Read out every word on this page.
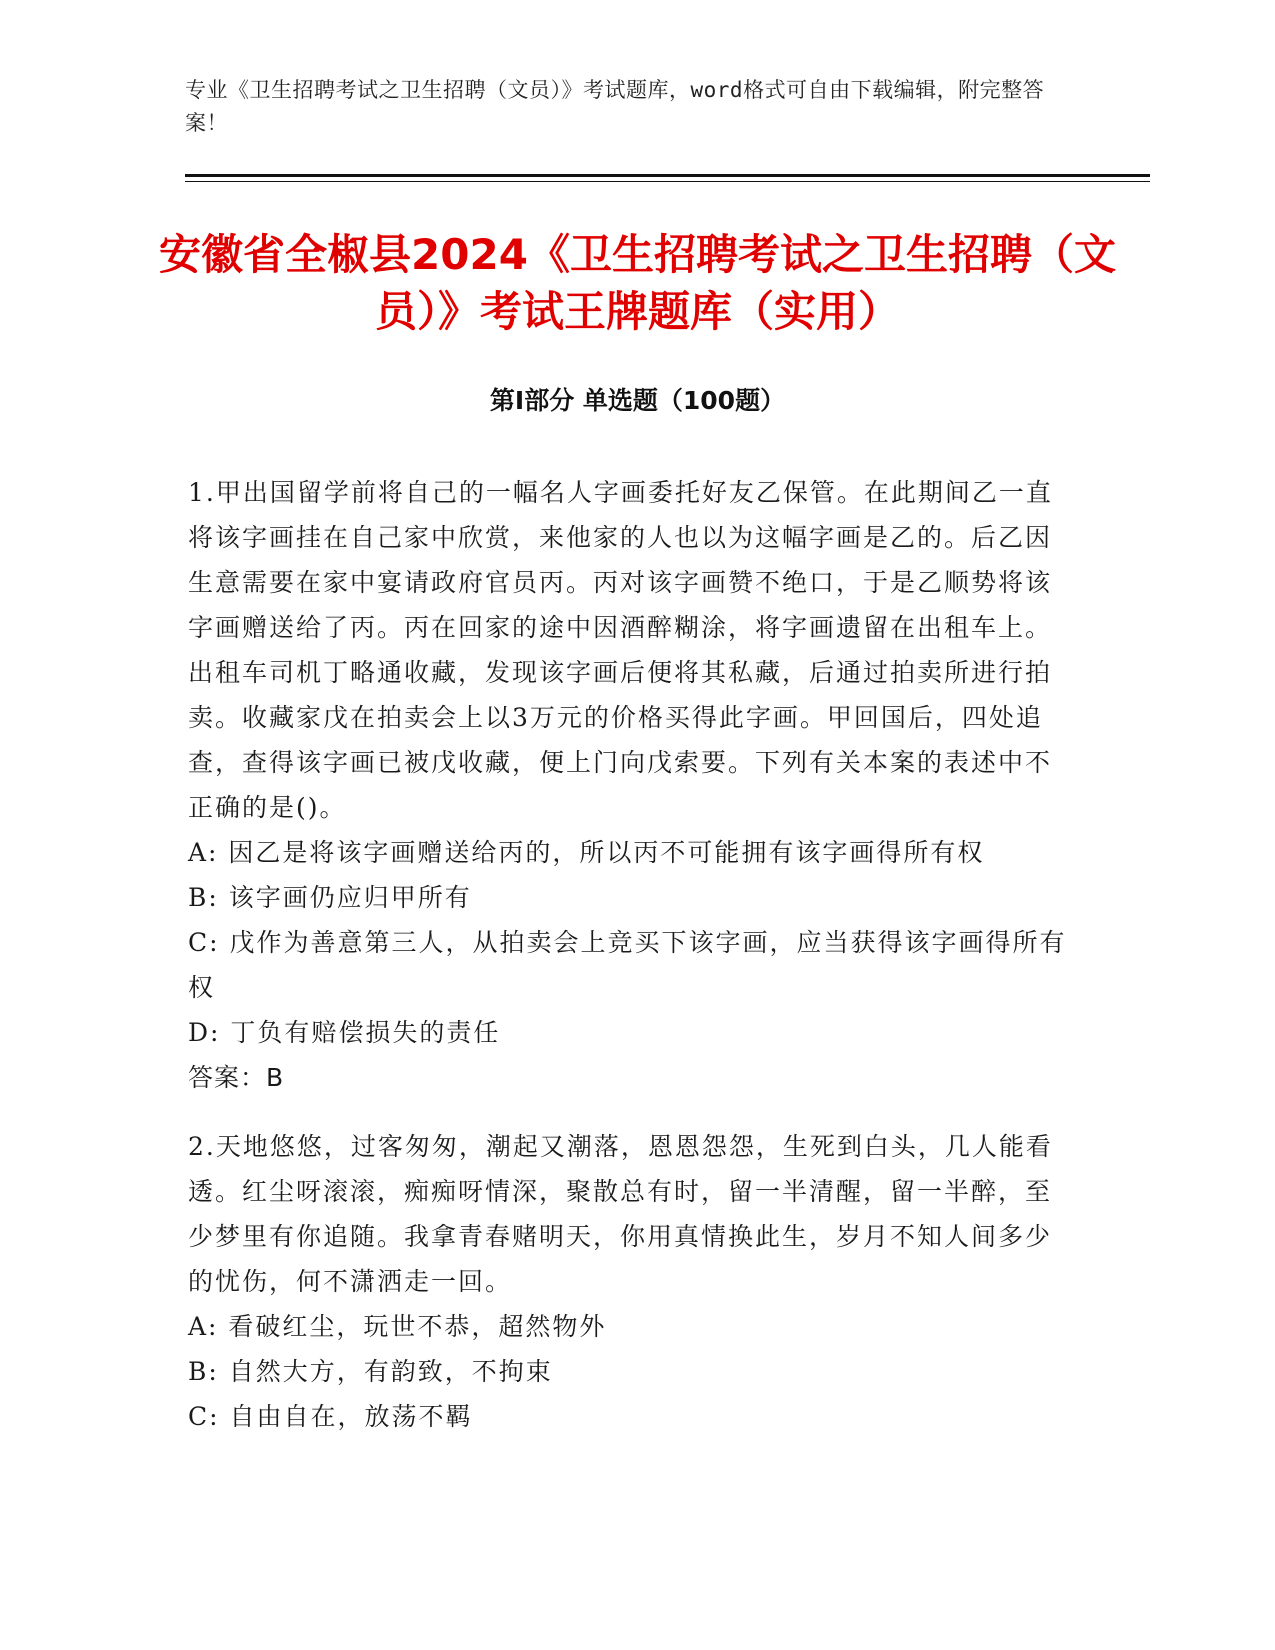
专业《卫生招聘考试之卫生招聘（文员）》考试题库，word格式可自由下载编辑，附完整答案！
安徽省全椒县2024《卫生招聘考试之卫生招聘（文员）》考试王牌题库（实用）
第I部分 单选题（100题）

1.甲出国留学前将自己的一幅名人字画委托好友乙保管。在此期间乙一直将该字画挂在自己家中欣赏，来他家的人也以为这幅字画是乙的。后乙因生意需要在家中宴请政府官员丙。丙对该字画赞不绝口，于是乙顺势将该字画赠送给了丙。丙在回家的途中因酒醉糊涂，将字画遗留在出租车上。出租车司机丁略通收藏，发现该字画后便将其私藏，后通过拍卖所进行拍卖。收藏家戊在拍卖会上以3万元的价格买得此字画。甲回国后，四处追查，查得该字画已被戊收藏，便上门向戊索要。下列有关本案的表述中不正确的是()。

A: 因乙是将该字画赠送给丙的，所以丙不可能拥有该字画得所有权

B: 该字画仍应归甲所有

C: 戊作为善意第三人，从拍卖会上竞买下该字画，应当获得该字画得所有权

D: 丁负有赔偿损失的责任

答案：B

2.天地悠悠，过客匆匆，潮起又潮落，恩恩怨怨，生死到白头，几人能看透。红尘呀滚滚，痴痴呀情深，聚散总有时，留一半清醒，留一半醉，至少梦里有你追随。我拿青春赌明天，你用真情换此生，岁月不知人间多少的忧伤，何不潇洒走一回。

A: 看破红尘，玩世不恭，超然物外

B: 自然大方，有韵致，不拘束

C: 自由自在，放荡不羁
